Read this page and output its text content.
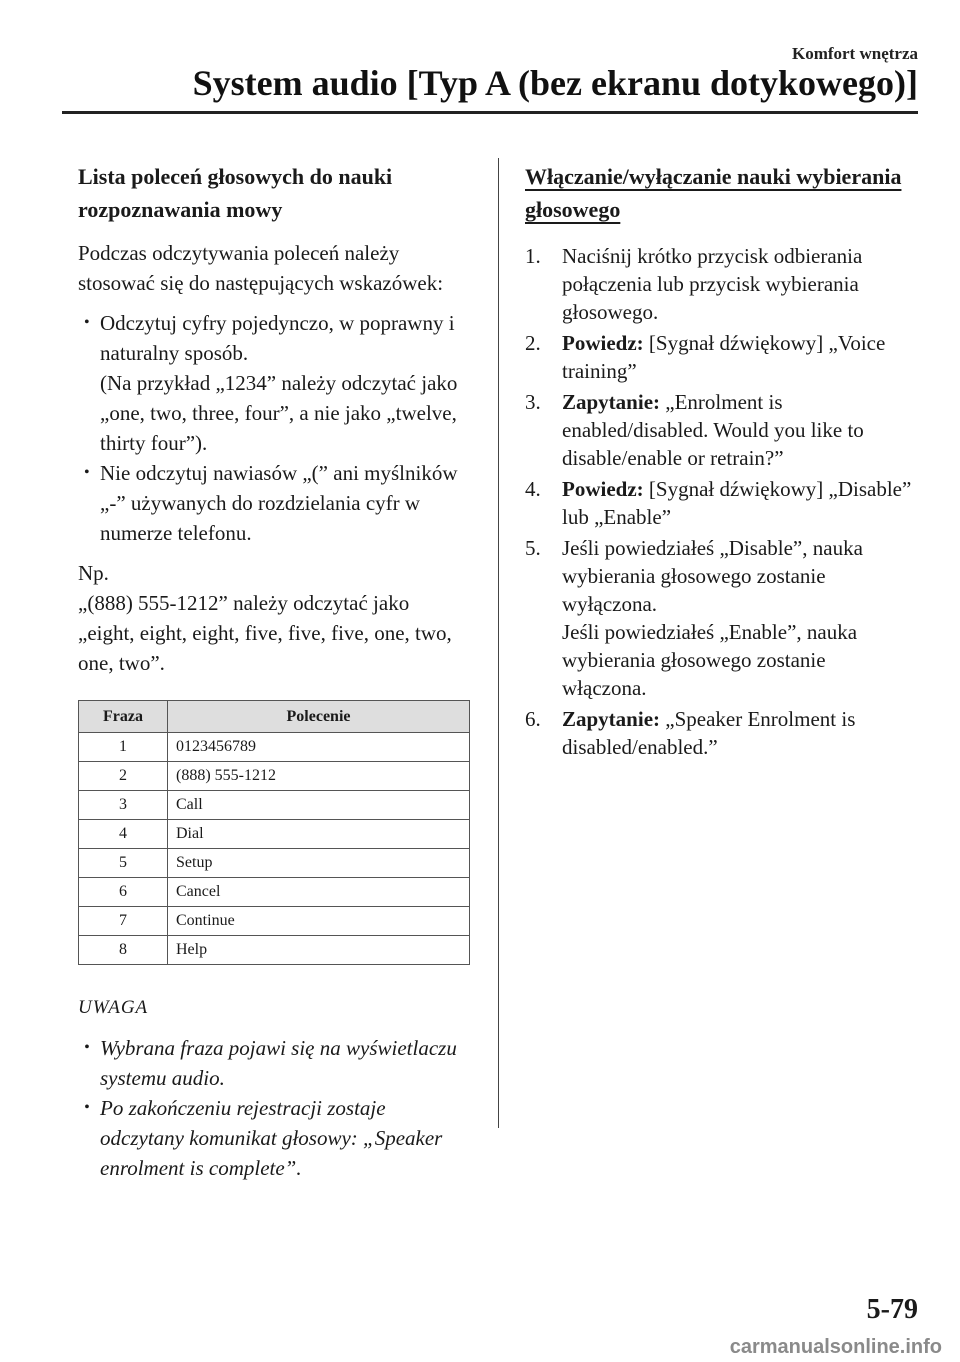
Komfort wnętrza
System audio [Typ A (bez ekranu dotykowego)]
Lista poleceń głosowych do nauki rozpoznawania mowy
Podczas odczytywania poleceń należy stosować się do następujących wskazówek:
• Odczytuj cyfry pojedynczo, w poprawny i naturalny sposób.
(Na przykład „1234” należy odczytać jako „one, two, three, four”, a nie jako „twelve, thirty four”).
• Nie odczytuj nawiasów „(” ani myślników „-” używanych do rozdzielania cyfr w numerze telefonu.
Np.
„(888) 555-1212” należy odczytać jako „eight, eight, eight, five, five, five, one, two, one, two”.
Fraza	Polecenie
1	0123456789
2	(888) 555-1212
3	Call
4	Dial
5	Setup
6	Cancel
7	Continue
8	Help
UWAGA
• Wybrana fraza pojawi się na wyświetlaczu systemu audio.
• Po zakończeniu rejestracji zostaje odczytany komunikat głosowy: „Speaker enrolment is complete”.
Włączanie/wyłączanie nauki wybierania głosowego
1. Naciśnij krótko przycisk odbierania połączenia lub przycisk wybierania głosowego.
2. Powiedz: [Sygnał dźwiękowy] „Voice training”
3. Zapytanie: „Enrolment is enabled/disabled. Would you like to disable/enable or retrain?”
4. Powiedz: [Sygnał dźwiękowy] „Disable” lub „Enable”
5. Jeśli powiedziałeś „Disable”, nauka wybierania głosowego zostanie wyłączona.
Jeśli powiedziałeś „Enable”, nauka wybierania głosowego zostanie włączona.
6. Zapytanie: „Speaker Enrolment is disabled/enabled.”
5-79
carmanualsonline.info
